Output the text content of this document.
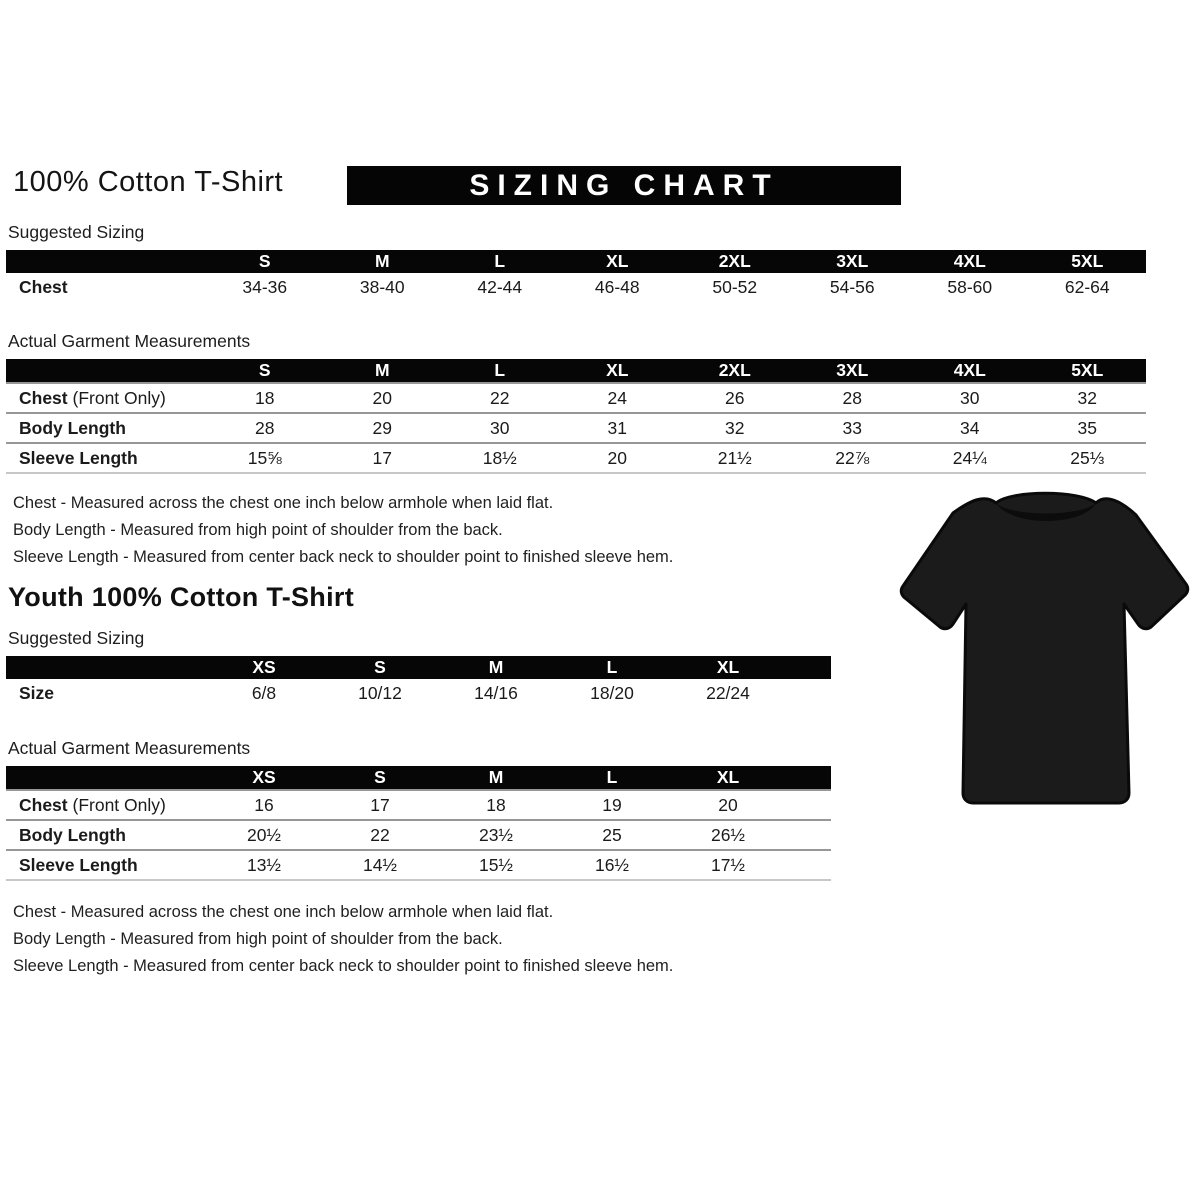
100% Cotton T-Shirt	SIZING CHART
Suggested Sizing
	S	M	L	XL	2XL	3XL	4XL	5XL
Chest	34-36	38-40	42-44	46-48	50-52	54-56	58-60	62-64
Actual Garment Measurements
	S	M	L	XL	2XL	3XL	4XL	5XL
Chest (Front Only)	18	20	22	24	26	28	30	32
Body Length	28	29	30	31	32	33	34	35
Sleeve Length	15⅝	17	18½	20	21½	22⅞	24¼	25⅓
Chest - Measured across the chest one inch below armhole when laid flat.
Body Length - Measured from high point of shoulder from the back.
Sleeve Length - Measured from center back neck to shoulder point to finished sleeve hem.
Youth 100% Cotton T-Shirt
Suggested Sizing
	XS	S	M	L	XL	
Size	6/8	10/12	14/16	18/20	22/24	
Actual Garment Measurements
	XS	S	M	L	XL	
Chest (Front Only)	16	17	18	19	20	
Body Length	20½	22	23½	25	26½	
Sleeve Length	13½	14½	15½	16½	17½	
Chest - Measured across the chest one inch below armhole when laid flat.
Body Length - Measured from high point of shoulder from the back.
Sleeve Length - Measured from center back neck to shoulder point to finished sleeve hem.
